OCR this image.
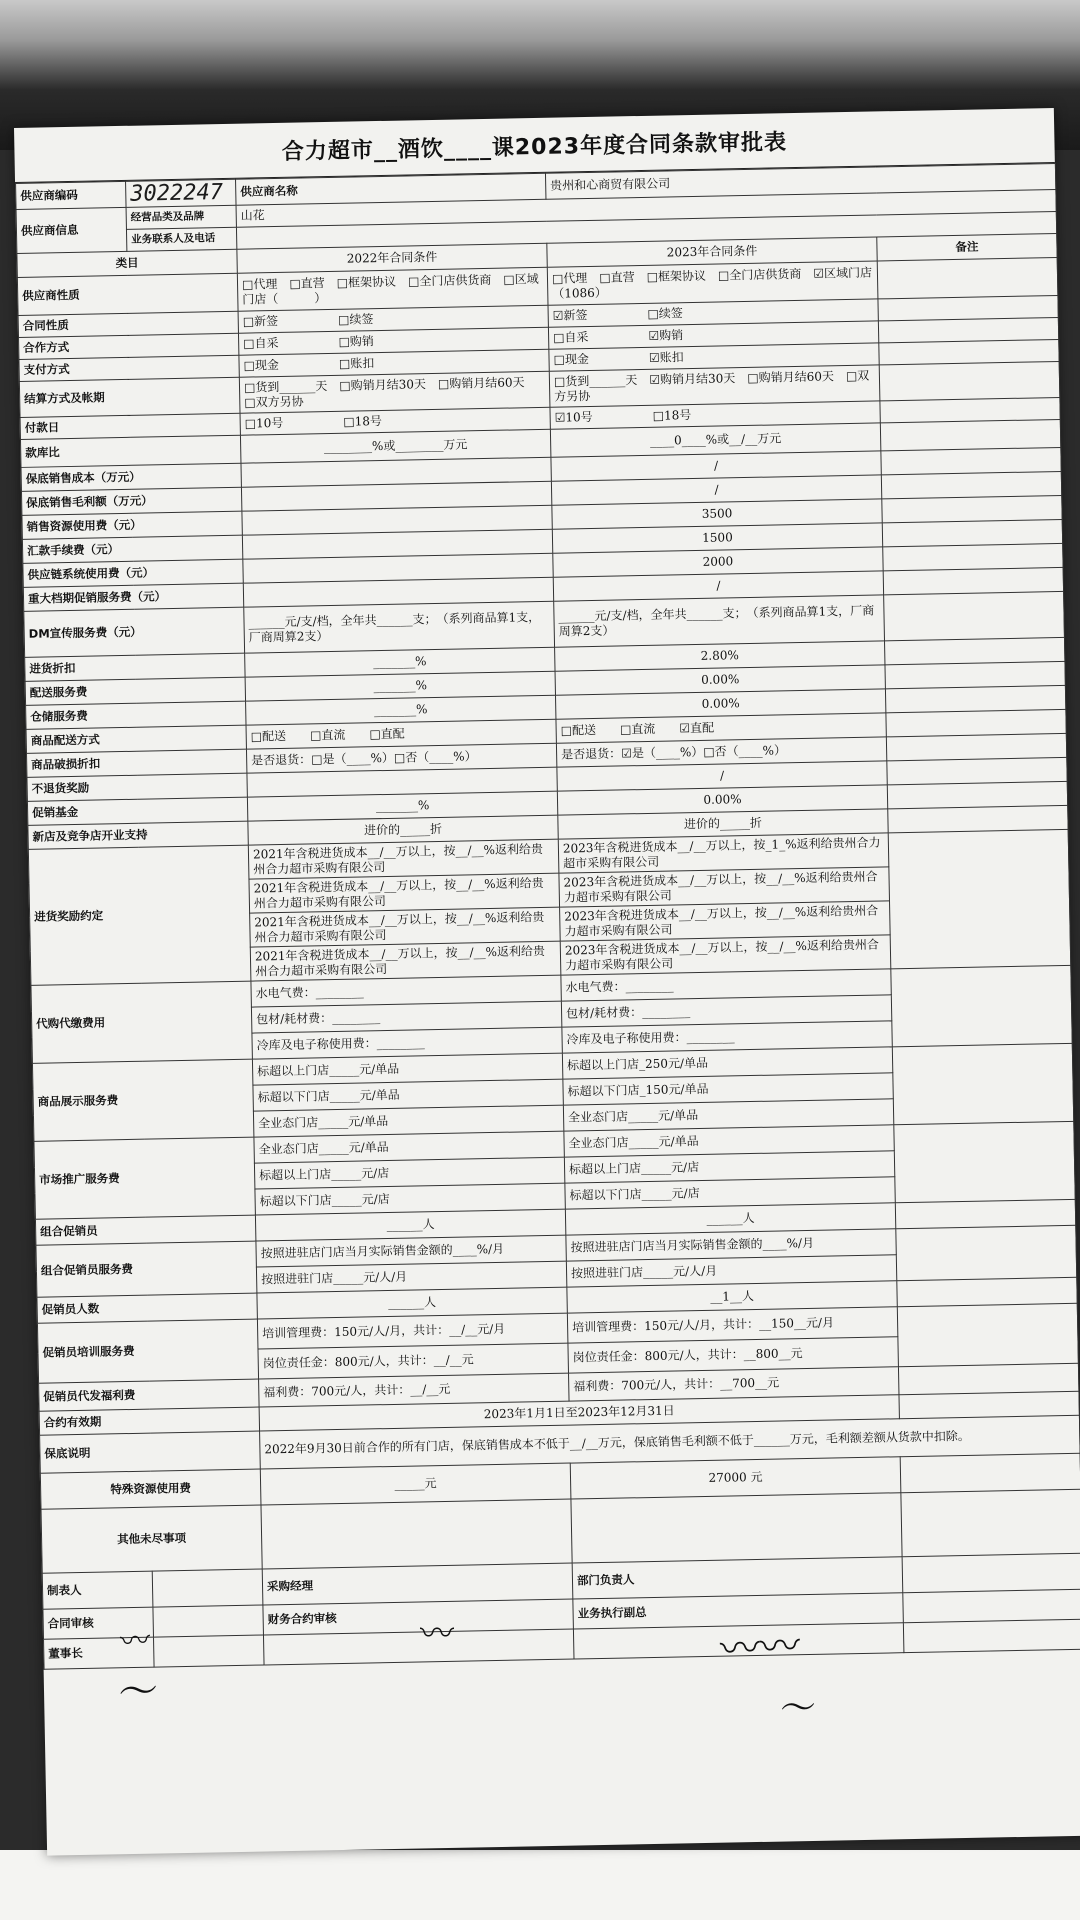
合力超市__酒饮____课2023年度合同条款审批表
供应商编码	3022247	供应商名称	贵州和心商贸有限公司	
供应商信息	经营品类及品牌	山花		
	业务联系人及电话			
类目		2022年合同条件	2023年合同条件	备注
供应商性质		□代理　□直营　□框架协议　□全门店供货商　□区域门店（　　　）	□代理　□直营　□框架协议　□全门店供货商　☑区域门店（1086）	
合同性质		□新签　　　　　□续签	☑新签　　　　　□续签	
合作方式		□自采　　　　　□购销	□自采　　　　　☑购销	
支付方式		□现金　　　　　□账扣	□现金　　　　　☑账扣	
结算方式及帐期		□货到______天　□购销月结30天　□购销月结60天　□双方另协	□货到______天　☑购销月结30天　□购销月结60天　□双方另协	
付款日		□10号　　　　　□18号	☑10号　　　　　□18号	
款库比		________%或________万元	____0____%或__/__万元	
保底销售成本（万元）			/	
保底销售毛利额（万元）			/	
销售资源使用费（元）			3500	
汇款手续费（元）			1500	
供应链系统使用费（元）			2000	
重大档期促销服务费（元）			/	
DM宣传服务费（元）		______元/支/档，全年共______支；　（系列商品算1支，厂商周算2支）	______元/支/档，全年共______支；　（系列商品算1支，厂商周算2支）	
进货折扣		_______%	2.80%	
配送服务费		_______%	0.00%	
仓储服务费		_______%	0.00%	
商品配送方式		□配送　　□直流　　□直配	□配送　　□直流　　☑直配	
商品破损折扣		是否退货：□是（____%）□否（____%）	是否退货：☑是（____%）□否（____%）	
不退货奖励			/	
促销基金		_______%	0.00%	
新店及竞争店开业支持		进价的_____折	进价的_____折	
进货奖励约定		2021年含税进货成本__/__万以上，按__/__%返利给贵州合力超市采购有限公司	2023年含税进货成本__/__万以上，按_1_%返利给贵州合力超市采购有限公司	
		2021年含税进货成本__/__万以上，按__/__%返利给贵州合力超市采购有限公司	2023年含税进货成本__/__万以上，按__/__%返利给贵州合力超市采购有限公司	
		2021年含税进货成本__/__万以上，按__/__%返利给贵州合力超市采购有限公司	2023年含税进货成本__/__万以上，按__/__%返利给贵州合力超市采购有限公司	
		2021年含税进货成本__/__万以上，按__/__%返利给贵州合力超市采购有限公司	2023年含税进货成本__/__万以上，按__/__%返利给贵州合力超市采购有限公司	
代购代缴费用		水电气费：________	水电气费：________	
		包材/耗材费：________	包材/耗材费：________	
		冷库及电子称使用费：________	冷库及电子称使用费：________	
商品展示服务费		标超以上门店_____元/单品	标超以上门店_250元/单品	
		标超以下门店_____元/单品	标超以下门店_150元/单品	
		全业态门店_____元/单品	全业态门店_____元/单品	
市场推广服务费		全业态门店_____元/单品	全业态门店_____元/单品	
		标超以上门店_____元/店	标超以上门店_____元/店	
		标超以下门店_____元/店	标超以下门店_____元/店	
组合促销员		______人	______人	
组合促销员服务费		按照进驻店门店当月实际销售金额的____%/月	按照进驻店门店当月实际销售金额的____%/月	
		按照进驻门店_____元/人/月	按照进驻门店_____元/人/月	
促销员人数		______人	__1__人	
促销员培训服务费		培训管理费：150元/人/月，共计：__/__元/月	培训管理费：150元/人/月，共计：__150__元/月	
		岗位责任金：800元/人，共计：__/__元	岗位责任金：800元/人，共计：__800__元	
促销员代发福利费		福利费：700元/人，共计：__/__元	福利费：700元/人，共计：__700__元	
合约有效期		2023年1月1日至2023年12月31日		
保底说明		2022年9月30日前合作的所有门店，保底销售成本不低于__/__万元，保底销售毛利额不低于______万元，毛利额差额从货款中扣除。		
特殊资源使用费		_____元	27000 元	
其他未尽事项				
制表人		采购经理	部门负责人	
合同审核		财务合约审核	业务执行副总	
董事长				〰
〜
〰	〰〰
〜
